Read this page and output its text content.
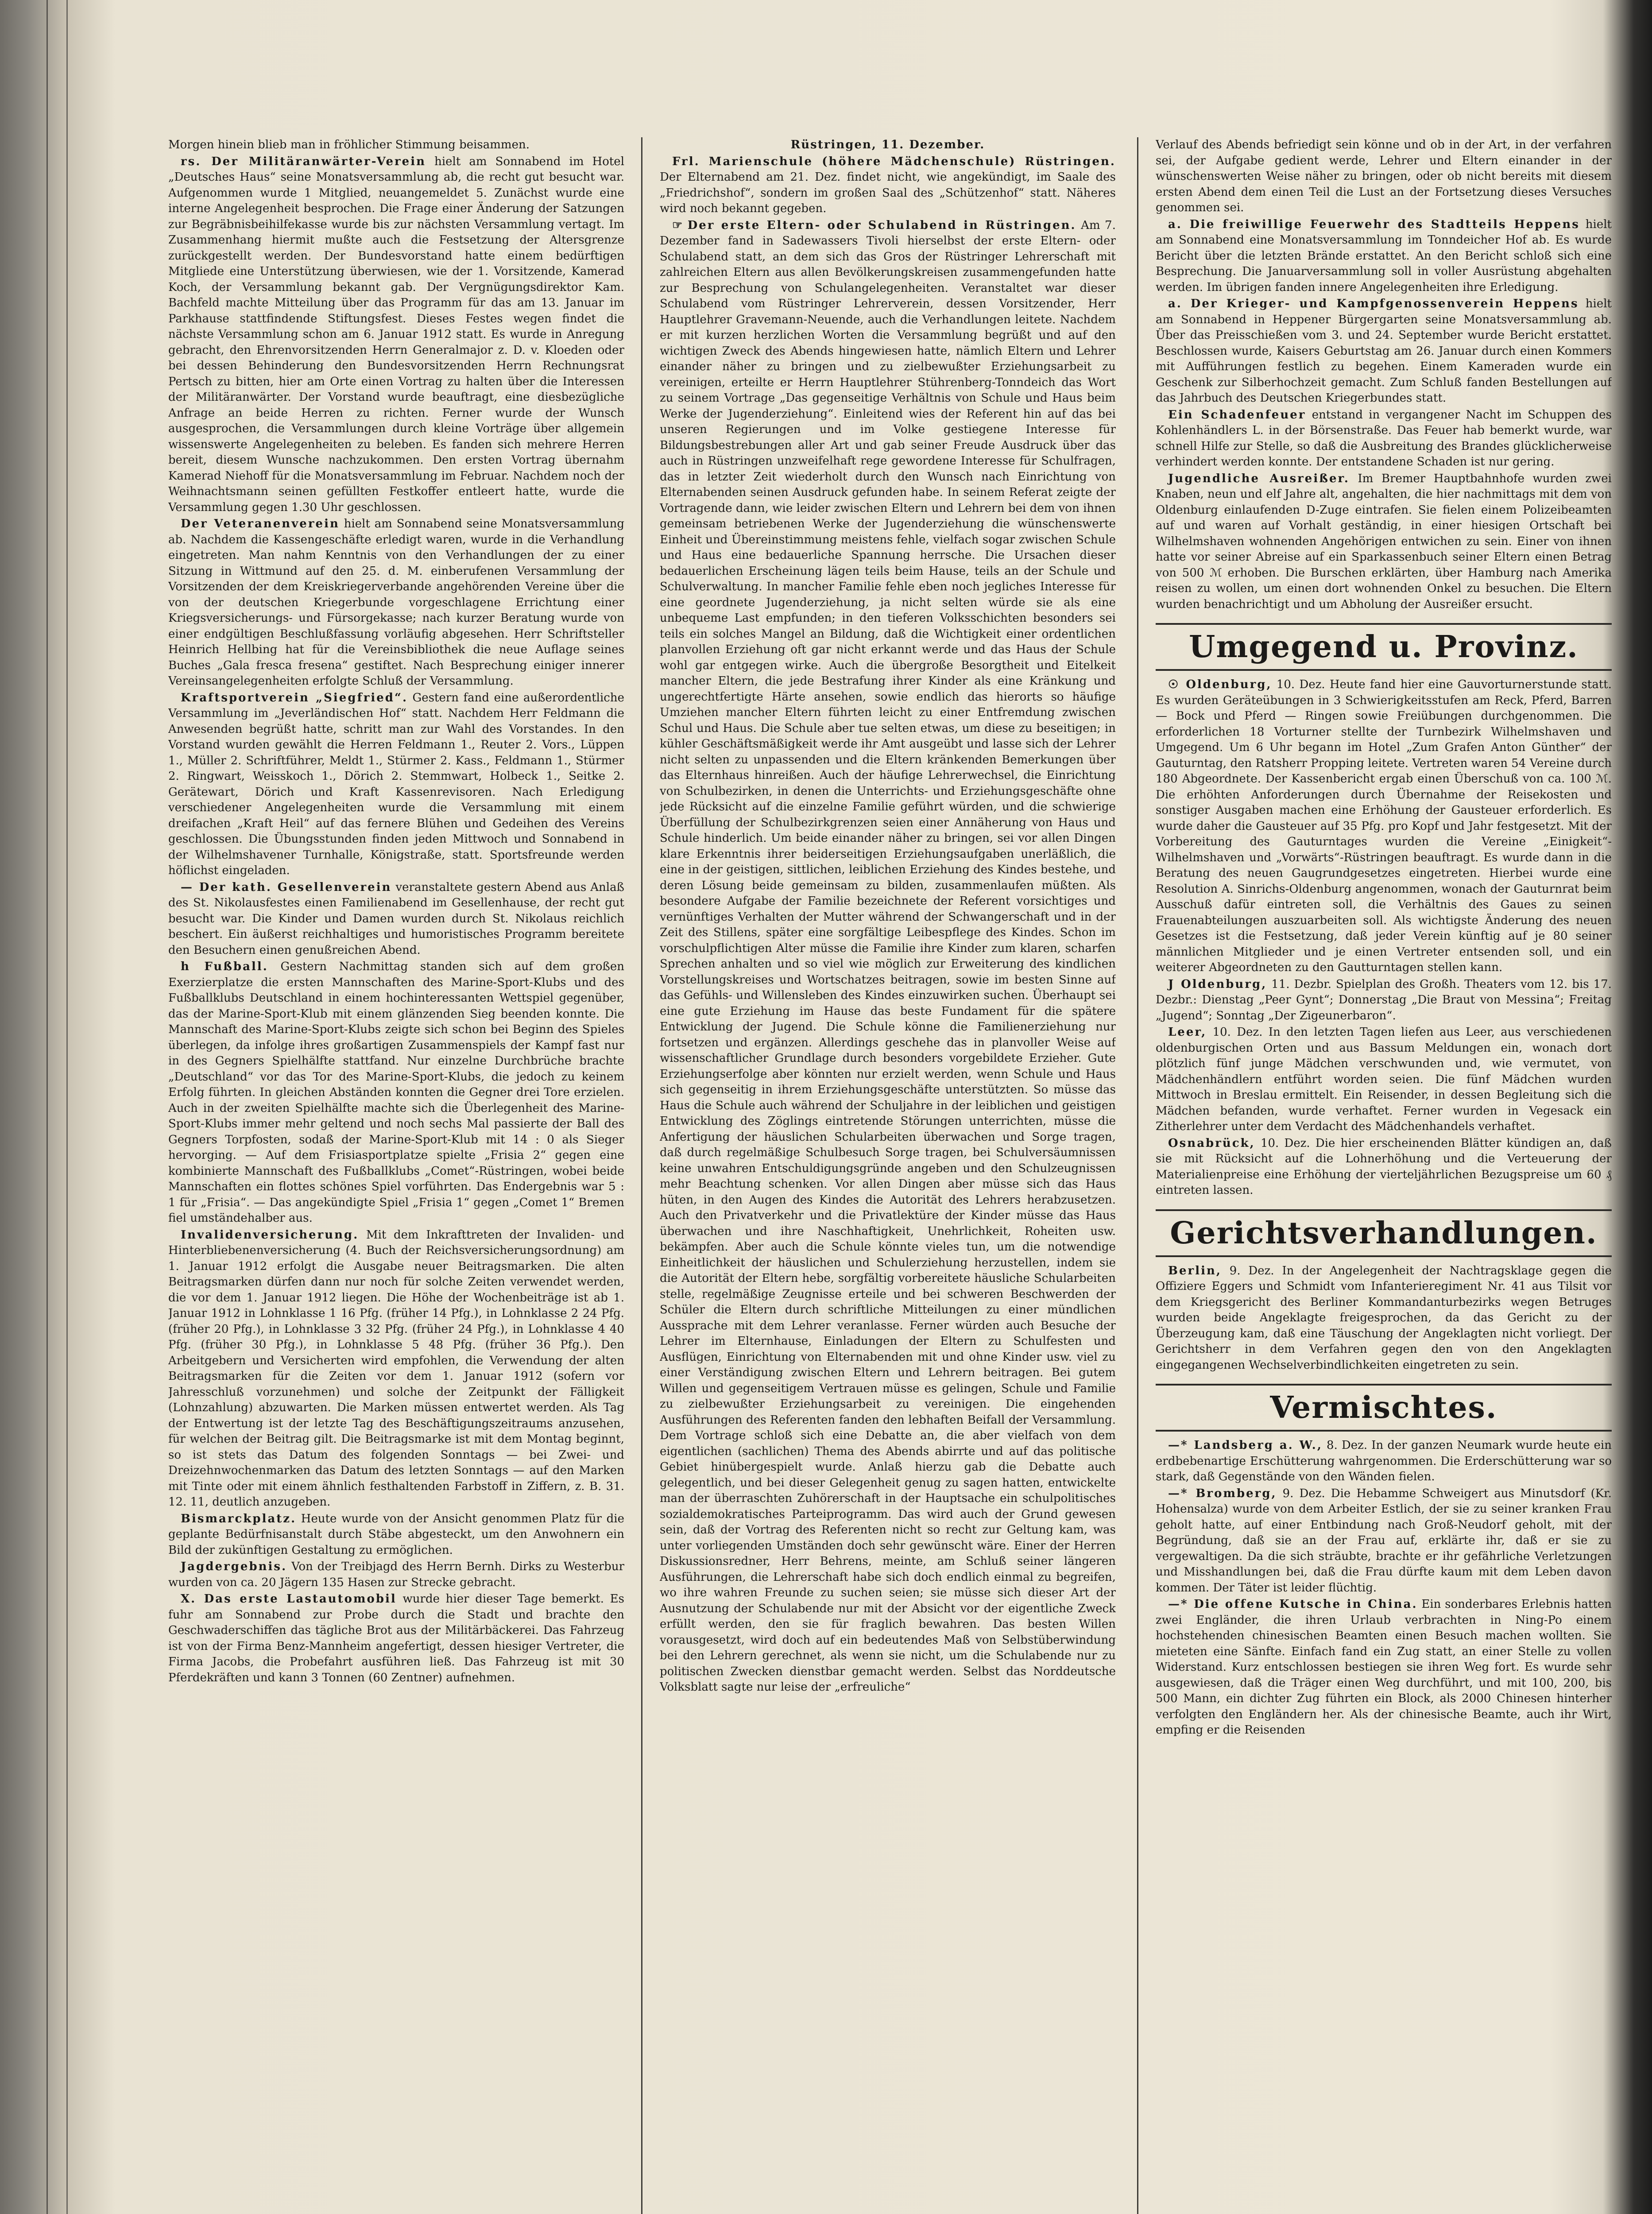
Morgen hinein blieb man in fröhlicher Stimmung beisammen.

rs. Der Militäranwärter-Verein hielt am Sonnabend im Hotel „Deutsches Haus“ seine Monatsversammlung ab, die recht gut besucht war. Aufgenommen wurde 1 Mitglied, neuangemeldet 5. Zunächst wurde eine interne Angelegenheit besprochen. Die Frage einer Änderung der Satzungen zur Begräbnisbeihilfekasse wurde bis zur nächsten Versammlung vertagt. Im Zusammenhang hiermit mußte auch die Festsetzung der Altersgrenze zurückgestellt werden. Der Bundesvorstand hatte einem bedürftigen Mitgliede eine Unterstützung überwiesen, wie der 1. Vorsitzende, Kamerad Koch, der Versammlung bekannt gab. Der Vergnügungsdirektor Kam. Bachfeld machte Mitteilung über das Programm für das am 13. Januar im Parkhause stattfindende Stiftungsfest. Dieses Festes wegen findet die nächste Versammlung schon am 6. Januar 1912 statt. Es wurde in Anregung gebracht, den Ehrenvorsitzenden Herrn Generalmajor z. D. v. Kloeden oder bei dessen Behinderung den Bundesvorsitzenden Herrn Rechnungsrat Pertsch zu bitten, hier am Orte einen Vortrag zu halten über die Interessen der Militäranwärter. Der Vorstand wurde beauftragt, eine diesbezügliche Anfrage an beide Herren zu richten. Ferner wurde der Wunsch ausgesprochen, die Versammlungen durch kleine Vorträge über allgemein wissenswerte Angelegenheiten zu beleben. Es fanden sich mehrere Herren bereit, diesem Wunsche nachzukommen. Den ersten Vortrag übernahm Kamerad Niehoff für die Monatsversammlung im Februar. Nachdem noch der Weihnachtsmann seinen gefüllten Festkoffer entleert hatte, wurde die Versammlung gegen 1.30 Uhr geschlossen.

Der Veteranenverein hielt am Sonnabend seine Monatsversammlung ab. Nachdem die Kassengeschäfte erledigt waren, wurde in die Verhandlung eingetreten. Man nahm Kenntnis von den Verhandlungen der zu einer Sitzung in Wittmund auf den 25. d. M. einberufenen Versammlung der Vorsitzenden der dem Kreiskriegerverbande angehörenden Vereine über die von der deutschen Kriegerbunde vorgeschlagene Errichtung einer Kriegsversicherungs- und Fürsorgekasse; nach kurzer Beratung wurde von einer endgültigen Beschlußfassung vorläufig abgesehen. Herr Schriftsteller Heinrich Hellbing hat für die Vereinsbibliothek die neue Auflage seines Buches „Gala fresca fresena“ gestiftet. Nach Besprechung einiger innerer Vereinsangelegenheiten erfolgte Schluß der Versammlung.

Kraftsportverein „Siegfried“. Gestern fand eine außerordentliche Versammlung im „Jeverländischen Hof“ statt. Nachdem Herr Feldmann die Anwesenden begrüßt hatte, schritt man zur Wahl des Vorstandes. In den Vorstand wurden gewählt die Herren Feldmann 1., Reuter 2. Vors., Lüppen 1., Müller 2. Schriftführer, Meldt 1., Stürmer 2. Kass., Feldmann 1., Stürmer 2. Ringwart, Weisskoch 1., Dörich 2. Stemmwart, Holbeck 1., Seitke 2. Gerätewart, Dörich und Kraft Kassenrevisoren. Nach Erledigung verschiedener Angelegenheiten wurde die Versammlung mit einem dreifachen „Kraft Heil“ auf das fernere Blühen und Gedeihen des Vereins geschlossen. Die Übungsstunden finden jeden Mittwoch und Sonnabend in der Wilhelmshavener Turnhalle, Königstraße, statt. Sportsfreunde werden höflichst eingeladen.

— Der kath. Gesellenverein veranstaltete gestern Abend aus Anlaß des St. Nikolausfestes einen Familienabend im Gesellenhause, der recht gut besucht war. Die Kinder und Damen wurden durch St. Nikolaus reichlich beschert. Ein äußerst reichhaltiges und humoristisches Programm bereitete den Besuchern einen genußreichen Abend.

h Fußball. Gestern Nachmittag standen sich auf dem großen Exerzierplatze die ersten Mannschaften des Marine-Sport-Klubs und des Fußballklubs Deutschland in einem hochinteressanten Wettspiel gegenüber, das der Marine-Sport-Klub mit einem glänzenden Sieg beenden konnte. Die Mannschaft des Marine-Sport-Klubs zeigte sich schon bei Beginn des Spieles überlegen, da infolge ihres großartigen Zusammenspiels der Kampf fast nur in des Gegners Spielhälfte stattfand. Nur einzelne Durchbrüche brachte „Deutschland“ vor das Tor des Marine-Sport-Klubs, die jedoch zu keinem Erfolg führten. In gleichen Abständen konnten die Gegner drei Tore erzielen. Auch in der zweiten Spielhälfte machte sich die Überlegenheit des Marine-Sport-Klubs immer mehr geltend und noch sechs Mal passierte der Ball des Gegners Torpfosten, sodaß der Marine-Sport-Klub mit 14 : 0 als Sieger hervorging. — Auf dem Frisiasportplatze spielte „Frisia 2“ gegen eine kombinierte Mannschaft des Fußballklubs „Comet“-Rüstringen, wobei beide Mannschaften ein flottes schönes Spiel vorführten. Das Endergebnis war 5 : 1 für „Frisia“. — Das angekündigte Spiel „Frisia 1“ gegen „Comet 1“ Bremen fiel umständehalber aus.

Invalidenversicherung. Mit dem Inkrafttreten der Invaliden- und Hinterbliebenenversicherung (4. Buch der Reichsversicherungsordnung) am 1. Januar 1912 erfolgt die Ausgabe neuer Beitragsmarken. Die alten Beitragsmarken dürfen dann nur noch für solche Zeiten verwendet werden, die vor dem 1. Januar 1912 liegen. Die Höhe der Wochenbeiträge ist ab 1. Januar 1912 in Lohnklasse 1 16 Pfg. (früher 14 Pfg.), in Lohnklasse 2 24 Pfg. (früher 20 Pfg.), in Lohnklasse 3 32 Pfg. (früher 24 Pfg.), in Lohnklasse 4 40 Pfg. (früher 30 Pfg.), in Lohnklasse 5 48 Pfg. (früher 36 Pfg.). Den Arbeitgebern und Versicherten wird empfohlen, die Verwendung der alten Beitragsmarken für die Zeiten vor dem 1. Januar 1912 (sofern vor Jahresschluß vorzunehmen) und solche der Zeitpunkt der Fälligkeit (Lohnzahlung) abzuwarten. Die Marken müssen entwertet werden. Als Tag der Entwertung ist der letzte Tag des Beschäftigungszeitraums anzusehen, für welchen der Beitrag gilt. Die Beitragsmarke ist mit dem Montag beginnt, so ist stets das Datum des folgenden Sonntags — bei Zwei- und Dreizehnwochenmarken das Datum des letzten Sonntags — auf den Marken mit Tinte oder mit einem ähnlich festhaltenden Farbstoff in Ziffern, z. B. 31. 12. 11, deutlich anzugeben.

Bismarckplatz. Heute wurde von der Ansicht genommen Platz für die geplante Bedürfnisanstalt durch Stäbe abgesteckt, um den Anwohnern ein Bild der zukünftigen Gestaltung zu ermöglichen.

Jagdergebnis. Von der Treibjagd des Herrn Bernh. Dirks zu Westerbur wurden von ca. 20 Jägern 135 Hasen zur Strecke gebracht.

X. Das erste Lastautomobil wurde hier dieser Tage bemerkt. Es fuhr am Sonnabend zur Probe durch die Stadt und brachte den Geschwaderschiffen das tägliche Brot aus der Militärbäckerei. Das Fahrzeug ist von der Firma Benz-Mannheim angefertigt, dessen hiesiger Vertreter, die Firma Jacobs, die Probefahrt ausführen ließ. Das Fahrzeug ist mit 30 Pferdekräften und kann 3 Tonnen (60 Zentner) aufnehmen.

Rüstringen, 11. Dezember.

Frl. Marienschule (höhere Mädchenschule) Rüstringen. Der Elternabend am 21. Dez. findet nicht, wie angekündigt, im Saale des „Friedrichshof“, sondern im großen Saal des „Schützenhof“ statt. Näheres wird noch bekannt gegeben.

☞ Der erste Eltern- oder Schulabend in Rüstringen. Am 7. Dezember fand in Sadewassers Tivoli hierselbst der erste Eltern- oder Schulabend statt, an dem sich das Gros der Rüstringer Lehrerschaft mit zahlreichen Eltern aus allen Bevölkerungskreisen zusammengefunden hatte zur Besprechung von Schulangelegenheiten. Veranstaltet war dieser Schulabend vom Rüstringer Lehrerverein, dessen Vorsitzender, Herr Hauptlehrer Gravemann-Neuende, auch die Verhandlungen leitete. Nachdem er mit kurzen herzlichen Worten die Versammlung begrüßt und auf den wichtigen Zweck des Abends hingewiesen hatte, nämlich Eltern und Lehrer einander näher zu bringen und zu zielbewußter Erziehungsarbeit zu vereinigen, erteilte er Herrn Hauptlehrer Stührenberg-Tonndeich das Wort zu seinem Vortrage „Das gegenseitige Verhältnis von Schule und Haus beim Werke der Jugenderziehung“. Einleitend wies der Referent hin auf das bei unseren Regierungen und im Volke gestiegene Interesse für Bildungsbestrebungen aller Art und gab seiner Freude Ausdruck über das auch in Rüstringen unzweifelhaft rege gewordene Interesse für Schulfragen, das in letzter Zeit wiederholt durch den Wunsch nach Einrichtung von Elternabenden seinen Ausdruck gefunden habe. In seinem Referat zeigte der Vortragende dann, wie leider zwischen Eltern und Lehrern bei dem von ihnen gemeinsam betriebenen Werke der Jugenderziehung die wünschenswerte Einheit und Übereinstimmung meistens fehle, vielfach sogar zwischen Schule und Haus eine bedauerliche Spannung herrsche. Die Ursachen dieser bedauerlichen Erscheinung lägen teils beim Hause, teils an der Schule und Schulverwaltung. In mancher Familie fehle eben noch jegliches Interesse für eine geordnete Jugenderziehung, ja nicht selten würde sie als eine unbequeme Last empfunden; in den tieferen Volksschichten besonders sei teils ein solches Mangel an Bildung, daß die Wichtigkeit einer ordentlichen planvollen Erziehung oft gar nicht erkannt werde und das Haus der Schule wohl gar entgegen wirke. Auch die übergroße Besorgtheit und Eitelkeit mancher Eltern, die jede Bestrafung ihrer Kinder als eine Kränkung und ungerechtfertigte Härte ansehen, sowie endlich das hierorts so häufige Umziehen mancher Eltern führten leicht zu einer Entfremdung zwischen Schul und Haus. Die Schule aber tue selten etwas, um diese zu beseitigen; in kühler Geschäftsmäßigkeit werde ihr Amt ausgeübt und lasse sich der Lehrer nicht selten zu unpassenden und die Eltern kränkenden Bemerkungen über das Elternhaus hinreißen. Auch der häufige Lehrerwechsel, die Einrichtung von Schulbezirken, in denen die Unterrichts- und Erziehungsgeschäfte ohne jede Rücksicht auf die einzelne Familie geführt würden, und die schwierige Überfüllung der Schulbezirkgrenzen seien einer Annäherung von Haus und Schule hinderlich. Um beide einander näher zu bringen, sei vor allen Dingen klare Erkenntnis ihrer beiderseitigen Erziehungsaufgaben unerläßlich, die eine in der geistigen, sittlichen, leiblichen Erziehung des Kindes bestehe, und deren Lösung beide gemeinsam zu bilden, zusammenlaufen müßten. Als besondere Aufgabe der Familie bezeichnete der Referent vorsichtiges und vernünftiges Verhalten der Mutter während der Schwangerschaft und in der Zeit des Stillens, später eine sorgfältige Leibespflege des Kindes. Schon im vorschulpflichtigen Alter müsse die Familie ihre Kinder zum klaren, scharfen Sprechen anhalten und so viel wie möglich zur Erweiterung des kindlichen Vorstellungskreises und Wortschatzes beitragen, sowie im besten Sinne auf das Gefühls- und Willensleben des Kindes einzuwirken suchen. Überhaupt sei eine gute Erziehung im Hause das beste Fundament für die spätere Entwicklung der Jugend. Die Schule könne die Familienerziehung nur fortsetzen und ergänzen. Allerdings geschehe das in planvoller Weise auf wissenschaftlicher Grundlage durch besonders vorgebildete Erzieher. Gute Erziehungserfolge aber könnten nur erzielt werden, wenn Schule und Haus sich gegenseitig in ihrem Erziehungsgeschäfte unterstützten. So müsse das Haus die Schule auch während der Schuljahre in der leiblichen und geistigen Entwicklung des Zöglings eintretende Störungen unterrichten, müsse die Anfertigung der häuslichen Schularbeiten überwachen und Sorge tragen, daß durch regelmäßige Schulbesuch Sorge tragen, bei Schulversäumnissen keine unwahren Entschuldigungsgründe angeben und den Schulzeugnissen mehr Beachtung schenken. Vor allen Dingen aber müsse sich das Haus hüten, in den Augen des Kindes die Autorität des Lehrers herabzusetzen. Auch den Privatverkehr und die Privatlektüre der Kinder müsse das Haus überwachen und ihre Naschhaftigkeit, Unehrlichkeit, Roheiten usw. bekämpfen. Aber auch die Schule könnte vieles tun, um die notwendige Einheitlichkeit der häuslichen und Schulerziehung herzustellen, indem sie die Autorität der Eltern hebe, sorgfältig vorbereitete häusliche Schularbeiten stelle, regelmäßige Zeugnisse erteile und bei schweren Beschwerden der Schüler die Eltern durch schriftliche Mitteilungen zu einer mündlichen Aussprache mit dem Lehrer veranlasse. Ferner würden auch Besuche der Lehrer im Elternhause, Einladungen der Eltern zu Schulfesten und Ausflügen, Einrichtung von Elternabenden mit und ohne Kinder usw. viel zu einer Verständigung zwischen Eltern und Lehrern beitragen. Bei gutem Willen und gegenseitigem Vertrauen müsse es gelingen, Schule und Familie zu zielbewußter Erziehungsarbeit zu vereinigen. Die eingehenden Ausführungen des Referenten fanden den lebhaften Beifall der Versammlung. Dem Vortrage schloß sich eine Debatte an, die aber vielfach von dem eigentlichen (sachlichen) Thema des Abends abirrte und auf das politische Gebiet hinübergespielt wurde. Anlaß hierzu gab die Debatte auch gelegentlich, und bei dieser Gelegenheit genug zu sagen hatten, entwickelte man der überraschten Zuhörerschaft in der Hauptsache ein schulpolitisches sozialdemokratisches Parteiprogramm. Das wird auch der Grund gewesen sein, daß der Vortrag des Referenten nicht so recht zur Geltung kam, was unter vorliegenden Umständen doch sehr gewünscht wäre. Einer der Herren Diskussionsredner, Herr Behrens, meinte, am Schluß seiner längeren Ausführungen, die Lehrerschaft habe sich doch endlich einmal zu begreifen, wo ihre wahren Freunde zu suchen seien; sie müsse sich dieser Art der Ausnutzung der Schulabende nur mit der Absicht vor der eigentliche Zweck erfüllt werden, den sie für fraglich bewahren. Das besten Willen vorausgesetzt, wird doch auf ein bedeutendes Maß von Selbstüberwindung bei den Lehrern gerechnet, als wenn sie nicht, um die Schulabende nur zu politischen Zwecken dienstbar gemacht werden. Selbst das Norddeutsche Volksblatt sagte nur leise der „erfreuliche“

Verlauf des Abends befriedigt sein könne und ob in der Art, in der verfahren sei, der Aufgabe gedient werde, Lehrer und Eltern einander in der wünschenswerten Weise näher zu bringen, oder ob nicht bereits mit diesem ersten Abend dem einen Teil die Lust an der Fortsetzung dieses Versuches genommen sei.

a. Die freiwillige Feuerwehr des Stadtteils Heppens hielt am Sonnabend eine Monatsversammlung im Tonndeicher Hof ab. Es wurde Bericht über die letzten Brände erstattet. An den Bericht schloß sich eine Besprechung. Die Januarversammlung soll in voller Ausrüstung abgehalten werden. Im übrigen fanden innere Angelegenheiten ihre Erledigung.

a. Der Krieger- und Kampfgenossenverein Heppens hielt am Sonnabend in Heppener Bürgergarten seine Monatsversammlung ab. Über das Preisschießen vom 3. und 24. September wurde Bericht erstattet. Beschlossen wurde, Kaisers Geburtstag am 26. Januar durch einen Kommers mit Aufführungen festlich zu begehen. Einem Kameraden wurde ein Geschenk zur Silberhochzeit gemacht. Zum Schluß fanden Bestellungen auf das Jahrbuch des Deutschen Kriegerbundes statt.

Ein Schadenfeuer entstand in vergangener Nacht im Schuppen des Kohlenhändlers L. in der Börsenstraße. Das Feuer hab bemerkt wurde, war schnell Hilfe zur Stelle, so daß die Ausbreitung des Brandes glücklicherweise verhindert werden konnte. Der entstandene Schaden ist nur gering.

Jugendliche Ausreißer. Im Bremer Hauptbahnhofe wurden zwei Knaben, neun und elf Jahre alt, angehalten, die hier nachmittags mit dem von Oldenburg einlaufenden D-Zuge eintrafen. Sie fielen einem Polizeibeamten auf und waren auf Vorhalt geständig, in einer hiesigen Ortschaft bei Wilhelmshaven wohnenden Angehörigen entwichen zu sein. Einer von ihnen hatte vor seiner Abreise auf ein Sparkassenbuch seiner Eltern einen Betrag von 500 ℳ erhoben. Die Burschen erklärten, über Hamburg nach Amerika reisen zu wollen, um einen dort wohnenden Onkel zu besuchen. Die Eltern wurden benachrichtigt und um Abholung der Ausreißer ersucht.

Umgegend u. Provinz.

☉ Oldenburg, 10. Dez. Heute fand hier eine Gauvorturnerstunde statt. Es wurden Geräteübungen in 3 Schwierigkeitsstufen am Reck, Pferd, Barren — Bock und Pferd — Ringen sowie Freiübungen durchgenommen. Die erforderlichen 18 Vorturner stellte der Turnbezirk Wilhelmshaven und Umgegend. Um 6 Uhr begann im Hotel „Zum Grafen Anton Günther“ der Gauturntag, den Ratsherr Propping leitete. Vertreten waren 54 Vereine durch 180 Abgeordnete. Der Kassenbericht ergab einen Überschuß von ca. 100 ℳ. Die erhöhten Anforderungen durch Übernahme der Reisekosten und sonstiger Ausgaben machen eine Erhöhung der Gausteuer erforderlich. Es wurde daher die Gausteuer auf 35 Pfg. pro Kopf und Jahr festgesetzt. Mit der Vorbereitung des Gauturntages wurden die Vereine „Einigkeit“-Wilhelmshaven und „Vorwärts“-Rüstringen beauftragt. Es wurde dann in die Beratung des neuen Gaugrundgesetzes eingetreten. Hierbei wurde eine Resolution A. Sinrichs-Oldenburg angenommen, wonach der Gauturnrat beim Ausschuß dafür eintreten soll, die Verhältnis des Gaues zu seinen Frauenabteilungen auszuarbeiten soll. Als wichtigste Änderung des neuen Gesetzes ist die Festsetzung, daß jeder Verein künftig auf je 80 seiner männlichen Mitglieder und je einen Vertreter entsenden soll, und ein weiterer Abgeordneten zu den Gautturntagen stellen kann.

J Oldenburg, 11. Dezbr. Spielplan des Großh. Theaters vom 12. bis 17. Dezbr.: Dienstag „Peer Gynt“; Donnerstag „Die Braut von Messina“; Freitag „Jugend“; Sonntag „Der Zigeunerbaron“.

Leer, 10. Dez. In den letzten Tagen liefen aus Leer, aus verschiedenen oldenburgischen Orten und aus Bassum Meldungen ein, wonach dort plötzlich fünf junge Mädchen verschwunden und, wie vermutet, von Mädchenhändlern entführt worden seien. Die fünf Mädchen wurden Mittwoch in Breslau ermittelt. Ein Reisender, in dessen Begleitung sich die Mädchen befanden, wurde verhaftet. Ferner wurden in Vegesack ein Zitherlehrer unter dem Verdacht des Mädchenhandels verhaftet.

Osnabrück, 10. Dez. Die hier erscheinenden Blätter kündigen an, daß sie mit Rücksicht auf die Lohnerhöhung und die Verteuerung der Materialienpreise eine Erhöhung der vierteljährlichen Bezugspreise um 60 ₰ eintreten lassen.

Gerichtsverhandlungen.

Berlin, 9. Dez. In der Angelegenheit der Nachtragsklage gegen die Offiziere Eggers und Schmidt vom Infanterieregiment Nr. 41 aus Tilsit vor dem Kriegsgericht des Berliner Kommandanturbezirks wegen Betruges wurden beide Angeklagte freigesprochen, da das Gericht zu der Überzeugung kam, daß eine Täuschung der Angeklagten nicht vorliegt. Der Gerichtsherr in dem Verfahren gegen den von den Angeklagten eingegangenen Wechselverbindlichkeiten eingetreten zu sein.

Vermischtes.

—* Landsberg a. W., 8. Dez. In der ganzen Neumark wurde heute ein erdbebenartige Erschütterung wahrgenommen. Die Erderschütterung war so stark, daß Gegenstände von den Wänden fielen.

—* Bromberg, 9. Dez. Die Hebamme Schweigert aus Minutsdorf (Kr. Hohensalza) wurde von dem Arbeiter Estlich, der sie zu seiner kranken Frau geholt hatte, auf einer Entbindung nach Groß-Neudorf geholt, mit der Begründung, daß sie an der Frau auf, erklärte ihr, daß er sie zu vergewaltigen. Da die sich sträubte, brachte er ihr gefährliche Verletzungen und Misshandlungen bei, daß die Frau dürfte kaum mit dem Leben davon kommen. Der Täter ist leider flüchtig.

—* Die offene Kutsche in China. Ein sonderbares Erlebnis hatten zwei Engländer, die ihren Urlaub verbrachten in Ning-Po einem hochstehenden chinesischen Beamten einen Besuch machen wollten. Sie mieteten eine Sänfte. Einfach fand ein Zug statt, an einer Stelle zu vollen Widerstand. Kurz entschlossen bestiegen sie ihren Weg fort. Es wurde sehr ausgewiesen, daß die Träger einen Weg durchführt, und mit 100, 200, bis 500 Mann, ein dichter Zug führten ein Block, als 2000 Chinesen hinterher verfolgten den Engländern her. Als der chinesische Beamte, auch ihr Wirt, empfing er die Reisenden
